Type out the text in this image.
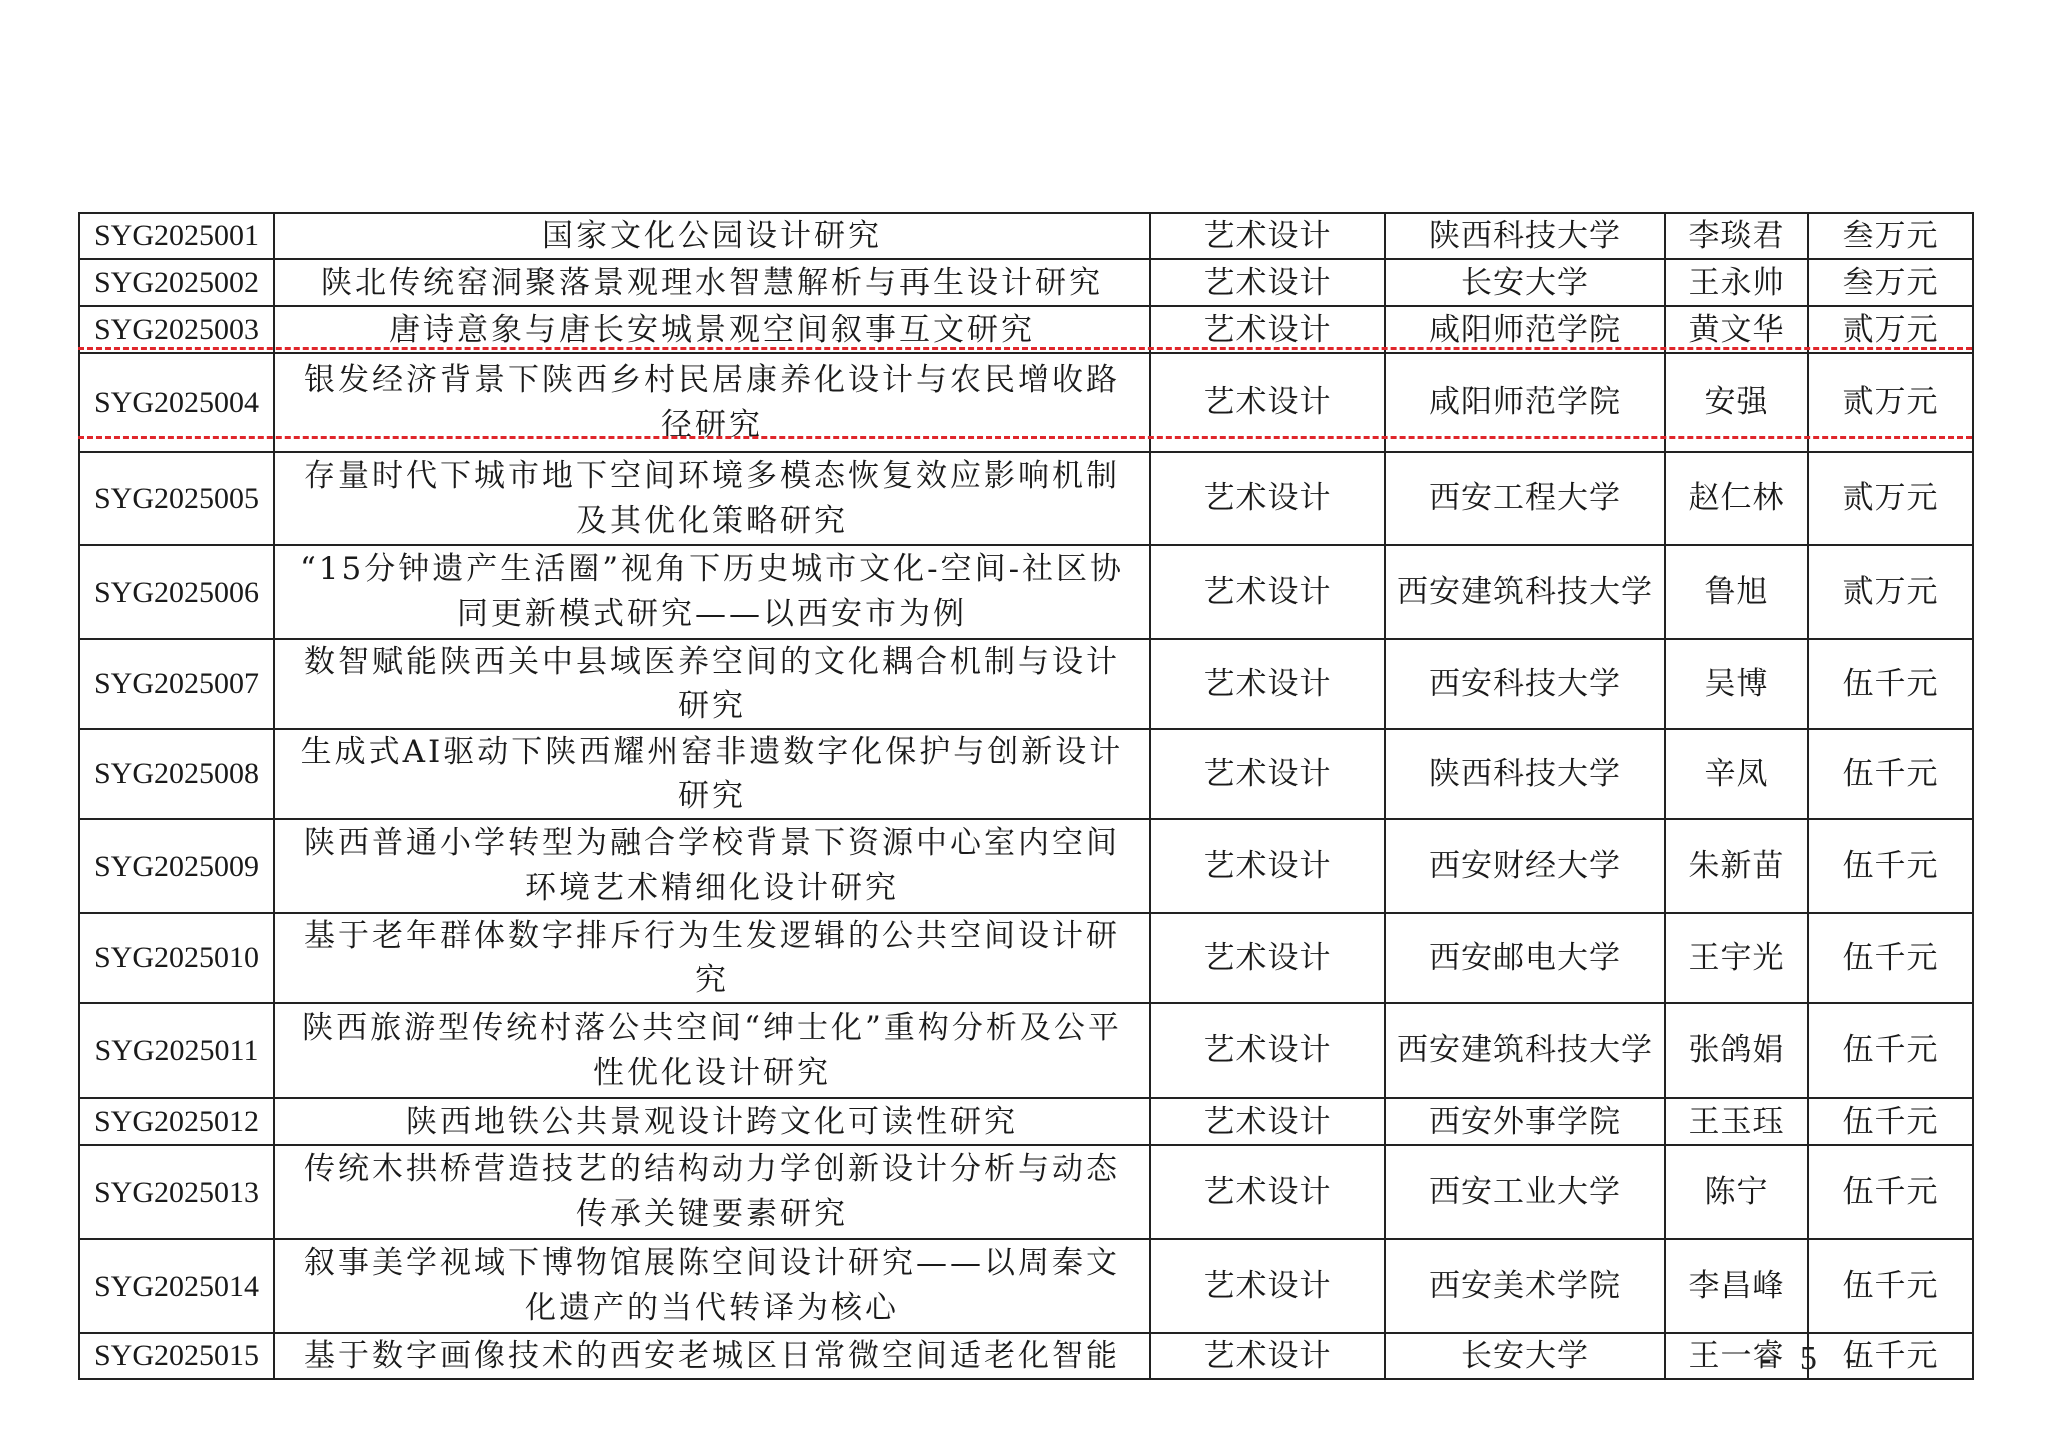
SYG2025001	国家文化公园设计研究	艺术设计	陕西科技大学	李琰君	叁万元
SYG2025002	陕北传统窑洞聚落景观理水智慧解析与再生设计研究	艺术设计	长安大学	王永帅	叁万元
SYG2025003	唐诗意象与唐长安城景观空间叙事互文研究	艺术设计	咸阳师范学院	黄文华	贰万元
SYG2025004	银发经济背景下陕西乡村民居康养化设计与农民增收路径研究	艺术设计	咸阳师范学院	安强	贰万元
SYG2025005	存量时代下城市地下空间环境多模态恢复效应影响机制及其优化策略研究	艺术设计	西安工程大学	赵仁林	贰万元
SYG2025006	“15分钟遗产生活圈”视角下历史城市文化-空间-社区协同更新模式研究——以西安市为例	艺术设计	西安建筑科技大学	鲁旭	贰万元
SYG2025007	数智赋能陕西关中县域医养空间的文化耦合机制与设计研究	艺术设计	西安科技大学	吴博	伍千元
SYG2025008	生成式AI驱动下陕西耀州窑非遗数字化保护与创新设计研究	艺术设计	陕西科技大学	辛凤	伍千元
SYG2025009	陕西普通小学转型为融合学校背景下资源中心室内空间环境艺术精细化设计研究	艺术设计	西安财经大学	朱新苗	伍千元
SYG2025010	基于老年群体数字排斥行为生发逻辑的公共空间设计研究	艺术设计	西安邮电大学	王宇光	伍千元
SYG2025011	陕西旅游型传统村落公共空间“绅士化”重构分析及公平性优化设计研究	艺术设计	西安建筑科技大学	张鸽娟	伍千元
SYG2025012	陕西地铁公共景观设计跨文化可读性研究	艺术设计	西安外事学院	王玉珏	伍千元
SYG2025013	传统木拱桥营造技艺的结构动力学创新设计分析与动态传承关键要素研究	艺术设计	西安工业大学	陈宁	伍千元
SYG2025014	叙事美学视域下博物馆展陈空间设计研究——以周秦文化遗产的当代转译为核心	艺术设计	西安美术学院	李昌峰	伍千元
SYG2025015	基于数字画像技术的西安老城区日常微空间适老化智能	艺术设计	长安大学	王一睿	伍千元
- 5 -
